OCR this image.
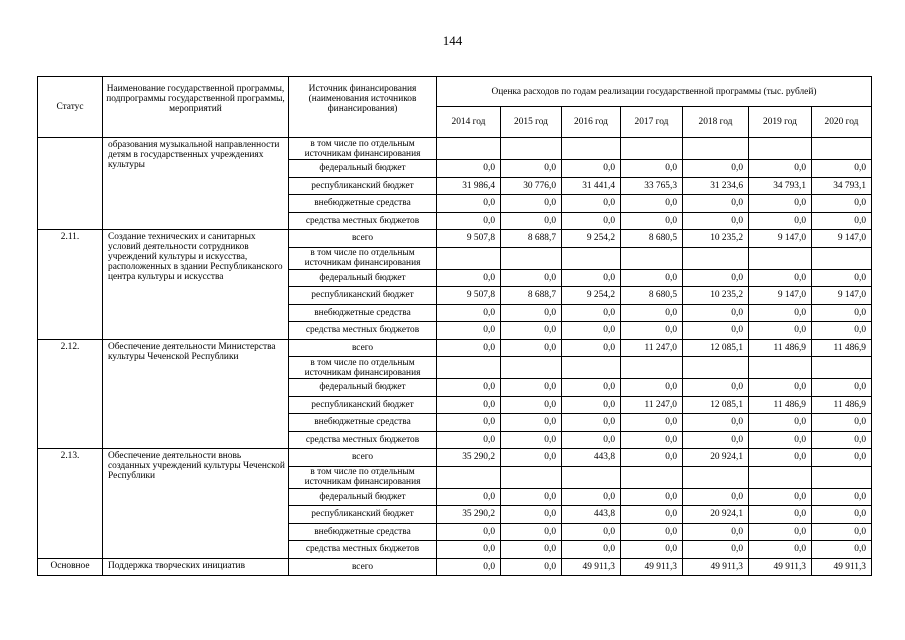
144
Статус	Наименование государственной программы, подпрограммы государственной программы, мероприятий	Источник финансирования (наименования источников финансирования)	Оценка расходов по годам реализации государственной программы (тыс. рублей)						
			2014 год	2015 год	2016 год	2017 год	2018 год	2019 год	2020 год
	образования музыкальной направленности детям в государственных учреждениях культуры	в том числе по отдельным источникам финансирования							
		федеральный бюджет	0,0	0,0	0,0	0,0	0,0	0,0	0,0
		республиканский бюджет	31 986,4	30 776,0	31 441,4	33 765,3	31 234,6	34 793,1	34 793,1
		внебюджетные средства	0,0	0,0	0,0	0,0	0,0	0,0	0,0
		средства местных бюджетов	0,0	0,0	0,0	0,0	0,0	0,0	0,0
2.11.	Создание технических и санитарных условий деятельности сотрудников учреждений культуры и искусства, расположенных в здании Республиканского центра культуры и искусства	всего	9 507,8	8 688,7	9 254,2	8 680,5	10 235,2	9 147,0	9 147,0
		в том числе по отдельным источникам финансирования							
		федеральный бюджет	0,0	0,0	0,0	0,0	0,0	0,0	0,0
		республиканский бюджет	9 507,8	8 688,7	9 254,2	8 680,5	10 235,2	9 147,0	9 147,0
		внебюджетные средства	0,0	0,0	0,0	0,0	0,0	0,0	0,0
		средства местных бюджетов	0,0	0,0	0,0	0,0	0,0	0,0	0,0
2.12.	Обеспечение деятельности Министерства культуры Чеченской Республики	всего	0,0	0,0	0,0	11 247,0	12 085,1	11 486,9	11 486,9
		в том числе по отдельным источникам финансирования							
		федеральный бюджет	0,0	0,0	0,0	0,0	0,0	0,0	0,0
		республиканский бюджет	0,0	0,0	0,0	11 247,0	12 085,1	11 486,9	11 486,9
		внебюджетные средства	0,0	0,0	0,0	0,0	0,0	0,0	0,0
		средства местных бюджетов	0,0	0,0	0,0	0,0	0,0	0,0	0,0
2.13.	Обеспечение деятельности вновь созданных учреждений культуры Чеченской Республики	всего	35 290,2	0,0	443,8	0,0	20 924,1	0,0	0,0
		в том числе по отдельным источникам финансирования							
		федеральный бюджет	0,0	0,0	0,0	0,0	0,0	0,0	0,0
		республиканский бюджет	35 290,2	0,0	443,8	0,0	20 924,1	0,0	0,0
		внебюджетные средства	0,0	0,0	0,0	0,0	0,0	0,0	0,0
		средства местных бюджетов	0,0	0,0	0,0	0,0	0,0	0,0	0,0
Основное	Поддержка творческих инициатив	всего	0,0	0,0	49 911,3	49 911,3	49 911,3	49 911,3	49 911,3
